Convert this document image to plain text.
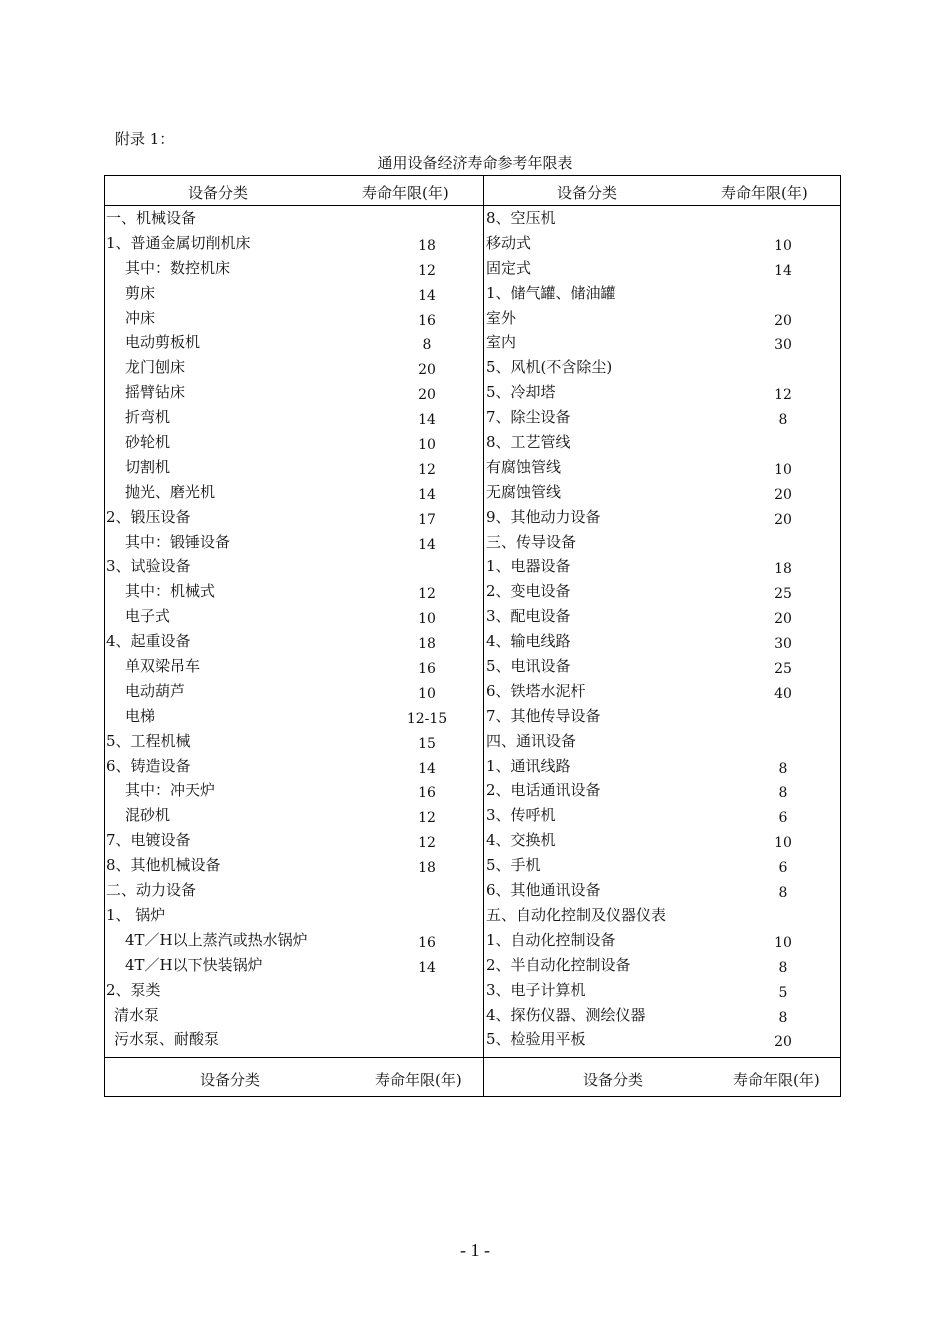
附录 1：
通用设备经济寿命参考年限表
设备分类	寿命年限(年)	设备分类	寿命年限(年)
一、机械设备
1、普通金属切削机床	18
其中：数控机床	12
剪床	14
冲床	16
电动剪板机	8
龙门刨床	20
摇臂钻床	20
折弯机	14
砂轮机	10
切割机	12
抛光、磨光机	14
2、锻压设备	17
其中：锻锤设备	14
3、试验设备
其中：机械式	12
电子式	10
4、起重设备	18
单双梁吊车	16
电动葫芦	10
电梯	12-15
5、工程机械	15
6、铸造设备	14
其中：冲天炉	16
混砂机	12
7、电镀设备	12
8、其他机械设备	18
二、动力设备
1、 锅炉
4T／H以上蒸汽或热水锅炉	16
4T／H以下快装锅炉	14
2、泵类
清水泵
污水泵、耐酸泵
8、空压机
移动式	10
固定式	14
1、储气罐、储油罐
室外	20
室内	30
5、风机(不含除尘)
5、冷却塔	12
7、除尘设备	8
8、工艺管线
有腐蚀管线	10
无腐蚀管线	20
9、其他动力设备	20
三、传导设备
1、电器设备	18
2、变电设备	25
3、配电设备	20
4、输电线路	30
5、电讯设备	25
6、铁塔水泥杆	40
7、其他传导设备
四、通讯设备
1、通讯线路	8
2、电话通讯设备	8
3、传呼机	6
4、交换机	10
5、手机	6
6、其他通讯设备	8
五、自动化控制及仪器仪表
1、自动化控制设备	10
2、半自动化控制设备	8
3、电子计算机	5
4、探伤仪器、测绘仪器	8
5、检验用平板	20
设备分类	寿命年限(年)	设备分类	寿命年限(年)
- 1 -
